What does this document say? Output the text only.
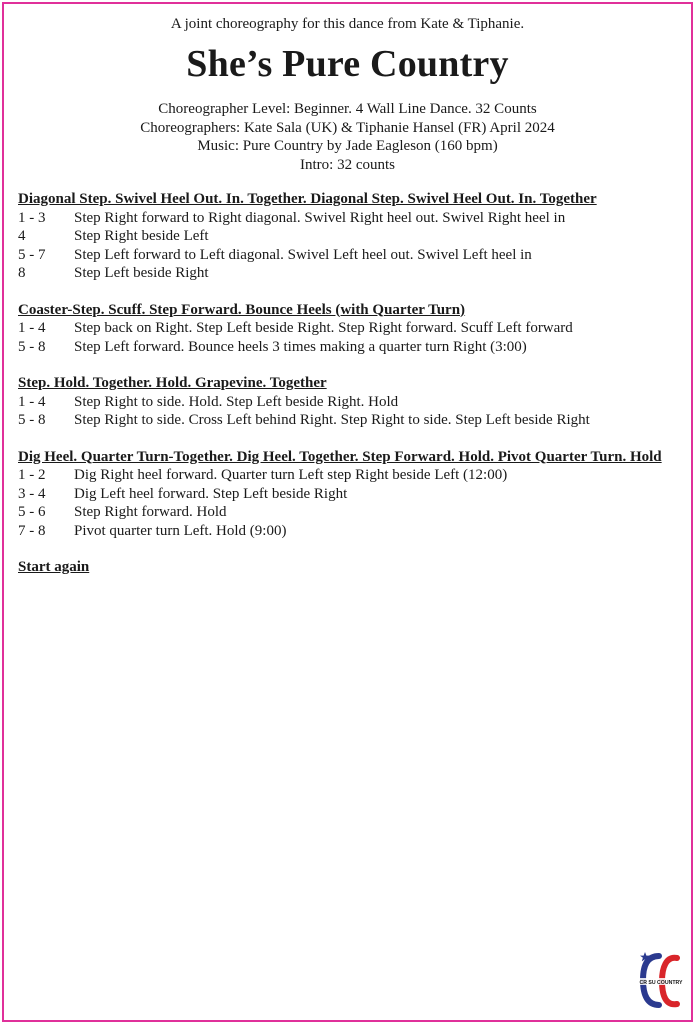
A joint choreography for this dance from Kate & Tiphanie.
She’s Pure Country
Choreographer Level: Beginner. 4 Wall Line Dance. 32 Counts
Choreographers: Kate Sala (UK) & Tiphanie Hansel (FR) April 2024
Music: Pure Country by Jade Eagleson (160 bpm)
Intro: 32 counts
Diagonal Step. Swivel Heel Out. In. Together. Diagonal Step. Swivel Heel Out. In. Together
1 - 3	Step Right forward to Right diagonal. Swivel Right heel out. Swivel Right heel in
4	Step Right beside Left
5 - 7	Step Left forward to Left diagonal. Swivel Left heel out. Swivel Left heel in
8	Step Left beside Right
Coaster-Step. Scuff. Step Forward. Bounce Heels (with Quarter Turn)
1 - 4	Step back on Right. Step Left beside Right. Step Right forward. Scuff Left forward
5 - 8	Step Left forward. Bounce heels 3 times making a quarter turn Right (3:00)
Step. Hold. Together. Hold. Grapevine. Together
1 - 4	Step Right to side. Hold. Step Left beside Right. Hold
5 - 8	Step Right to side. Cross Left behind Right. Step Right to side. Step Left beside Right
Dig Heel. Quarter Turn-Together. Dig Heel. Together. Step Forward. Hold. Pivot Quarter Turn. Hold
1 - 2	Dig Right heel forward. Quarter turn Left step Right beside Left (12:00)
3 - 4	Dig Left heel forward. Step Left beside Right
5 - 6	Step Right forward. Hold
7 - 8	Pivot quarter turn Left. Hold (9:00)
Start again
CR SU COUNTRY
